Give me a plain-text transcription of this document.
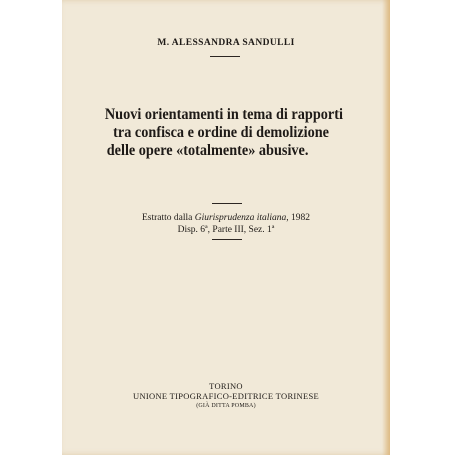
M. ALESSANDRA SANDULLI
Nuovi orientamenti in tema di rapporti
tra confisca e ordine di demolizione
delle opere «totalmente» abusive.
Estratto dalla Giurisprudenza italiana, 1982
Disp. 6ª, Parte III, Sez. 1ª
TORINO
UNIONE TIPOGRAFICO-EDITRICE TORINESE
(GIÀ DITTA POMBA)
